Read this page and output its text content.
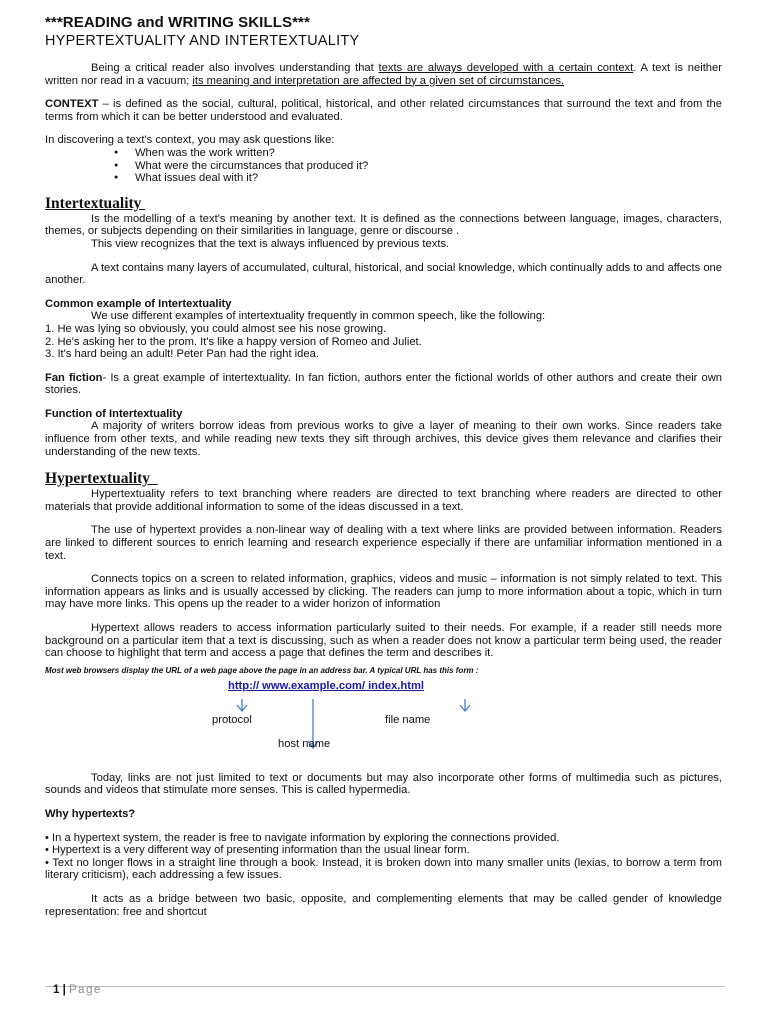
***READING and WRITING SKILLS***
HYPERTEXTUALITY AND INTERTEXTUALITY

Being a critical reader also involves understanding that texts are always developed with a certain context. A text is neither written nor read in a vacuum; its meaning and interpretation are affected by a given set of circumstances.

CONTEXT – is defined as the social, cultural, political, historical, and other related circumstances that surround the text and from the terms from which it can be better understood and evaluated.

In discovering a text's context, you may ask questions like:

● When was the work written?
● What were the circumstances that produced it?
● What issues deal with it?
Intertextuality

Is the modelling of a text's meaning by another text. It is defined as the connections between language, images, characters, themes, or subjects depending on their similarities in language, genre or discourse .

This view recognizes that the text is always influenced by previous texts.

A text contains many layers of accumulated, cultural, historical, and social knowledge, which continually adds to and affects one another.

Common example of Intertextuality

We use different examples of intertextuality frequently in common speech, like the following:

1. He was lying so obviously, you could almost see his nose growing.

2. He's asking her to the prom. It's like a happy version of Romeo and Juliet.

3. It's hard being an adult! Peter Pan had the right idea.

Fan fiction- Is a great example of intertextuality. In fan fiction, authors enter the fictional worlds of other authors and create their own stories.

Function of Intertextuality

A majority of writers borrow ideas from previous works to give a layer of meaning to their own works. Since readers take influence from other texts, and while reading new texts they sift through archives, this device gives them relevance and clarifies their understanding of the new texts.

Hypertextuality

Hypertextuality refers to text branching where readers are directed to text branching where readers are directed to other materials that provide additional information to some of the ideas discussed in a text.

The use of hypertext provides a non-linear way of dealing with a text where links are provided between information. Readers are linked to different sources to enrich learning and research experience especially if there are unfamiliar information mentioned in a text.

Connects topics on a screen to related information, graphics, videos and music – information is not simply related to text. This information appears as links and is usually accessed by clicking. The readers can jump to more information about a topic, which in turn may have more links. This opens up the reader to a wider horizon of information

Hypertext allows readers to access information particularly suited to their needs. For example, if a reader still needs more background on a particular item that a text is discussing, such as when a reader does not know a particular term being used, the reader can choose to highlight that term and access a page that defines the term and describes it.

Most web browsers display the URL of a web page above the page in an address bar. A typical URL has this form :

http:// www.example.com/ index.html
protocol	file name
host name

Today, links are not just limited to text or documents but may also incorporate other forms of multimedia such as pictures, sounds and videos that stimulate more senses. This is called hypermedia.

Why hypertexts?

• In a hypertext system, the reader is free to navigate information by exploring the connections provided.

• Hypertext is a very different way of presenting information than the usual linear form.

• Text no longer flows in a straight line through a book. Instead, it is broken down into many smaller units (lexias, to borrow a term from literary criticism), each addressing a few issues.

It acts as a bridge between two basic, opposite, and complementing elements that may be called gender of knowledge representation: free and shortcut

1 | Page
